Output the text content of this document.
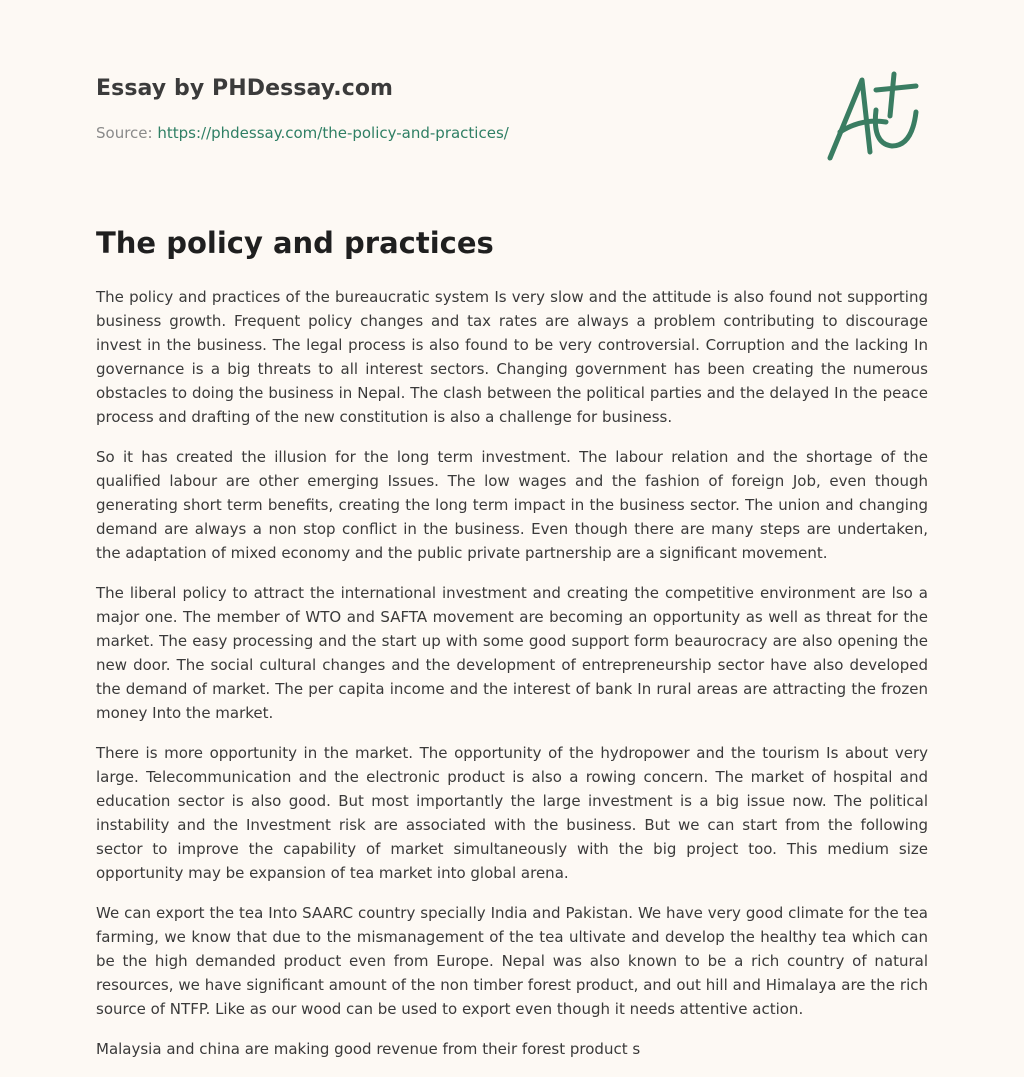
Essay by PHDessay.com
Source: https://phdessay.com/the-policy-and-practices/
The policy and practices

The policy and practices of the bureaucratic system Is very slow and the attitude is also found not supporting business growth. Frequent policy changes and tax rates are always a problem contributing to discourage invest in the business. The legal process is also found to be very controversial. Corruption and the lacking In governance is a big threats to all interest sectors. Changing government has been creating the numerous obstacles to doing the business in Nepal. The clash between the political parties and the delayed In the peace process and drafting of the new constitution is also a challenge for business.

So it has created the illusion for the long term investment. The labour relation and the shortage of the qualified labour are other emerging Issues. The low wages and the fashion of foreign Job, even though generating short term benefits, creating the long term impact in the business sector. The union and changing demand are always a non stop conflict in the business. Even though there are many steps are undertaken, the adaptation of mixed economy and the public private partnership are a significant movement.

The liberal policy to attract the international investment and creating the competitive environment are lso a major one. The member of WTO and SAFTA movement are becoming an opportunity as well as threat for the market. The easy processing and the start up with some good support form beaurocracy are also opening the new door. The social cultural changes and the development of entrepreneurship sector have also developed the demand of market. The per capita income and the interest of bank In rural areas are attracting the frozen money Into the market.

There is more opportunity in the market. The opportunity of the hydropower and the tourism Is about very large. Telecommunication and the electronic product is also a rowing concern. The market of hospital and education sector is also good. But most importantly the large investment is a big issue now. The political instability and the Investment risk are associated with the business. But we can start from the following sector to improve the capability of market simultaneously with the big project too. This medium size opportunity may be expansion of tea market into global arena.

We can export the tea Into SAARC country specially India and Pakistan. We have very good climate for the tea farming, we know that due to the mismanagement of the tea ultivate and develop the healthy tea which can be the high demanded product even from Europe. Nepal was also known to be a rich country of natural resources, we have significant amount of the non timber forest product, and out hill and Himalaya are the rich source of NTFP. Like as our wood can be used to export even though it needs attentive action.

Malaysia and china are making good revenue from their forest product s
